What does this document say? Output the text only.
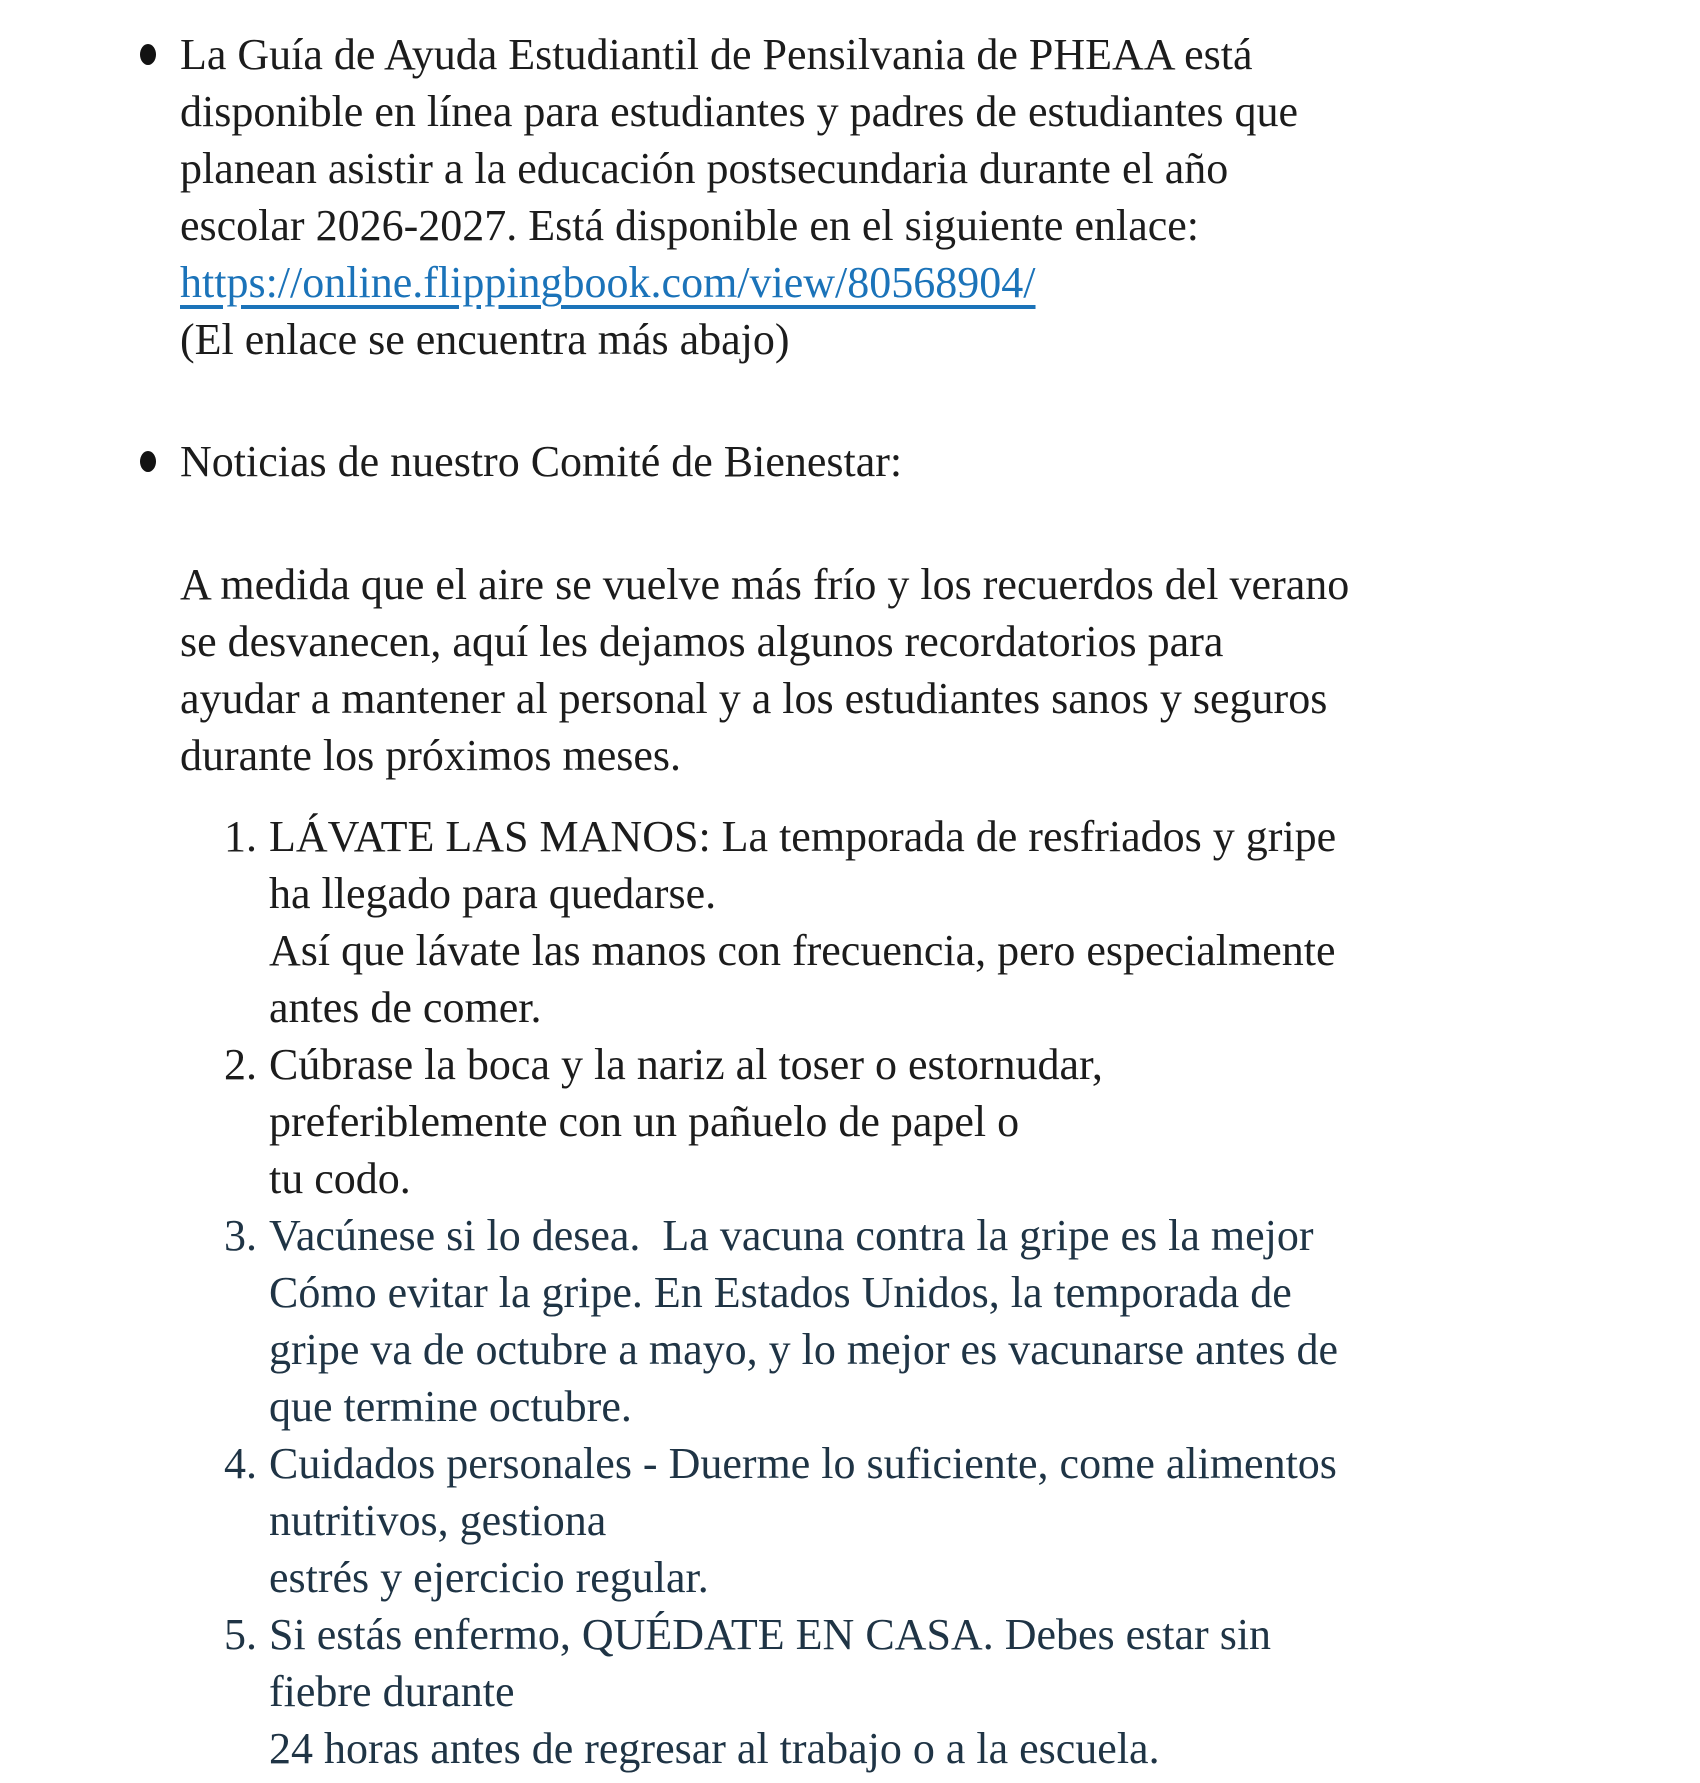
La Guía de Ayuda Estudiantil de Pensilvania de PHEAA está
disponible en línea para estudiantes y padres de estudiantes que
planean asistir a la educación postsecundaria durante el año
escolar 2026-2027. Está disponible en el siguiente enlace:
https://online.flippingbook.com/view/80568904/
(El enlace se encuentra más abajo)
Noticias de nuestro Comité de Bienestar:
A medida que el aire se vuelve más frío y los recuerdos del verano
se desvanecen, aquí les dejamos algunos recordatorios para
ayudar a mantener al personal y a los estudiantes sanos y seguros
durante los próximos meses.
1. LÁVATE LAS MANOS: La temporada de resfriados y gripe
ha llegado para quedarse.
Así que lávate las manos con frecuencia, pero especialmente
antes de comer.
2. Cúbrase la boca y la nariz al toser o estornudar,
preferiblemente con un pañuelo de papel o
tu codo.
3. Vacúnese si lo desea.  La vacuna contra la gripe es la mejor
Cómo evitar la gripe. En Estados Unidos, la temporada de
gripe va de octubre a mayo, y lo mejor es vacunarse antes de
que termine octubre.
4. Cuidados personales - Duerme lo suficiente, come alimentos
nutritivos, gestiona
estrés y ejercicio regular.
5. Si estás enfermo, QUÉDATE EN CASA. Debes estar sin
fiebre durante
24 horas antes de regresar al trabajo o a la escuela.
